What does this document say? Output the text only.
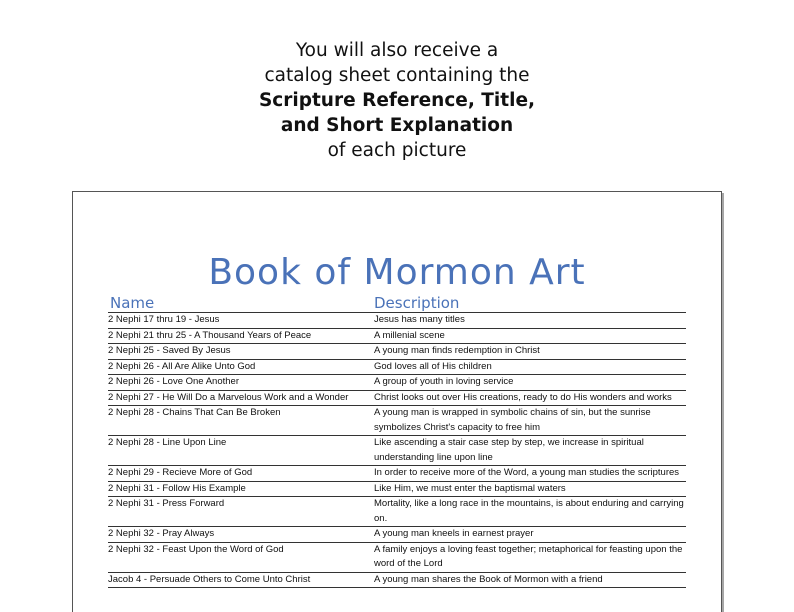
You will also receive a
catalog sheet containing the
Scripture Reference, Title,
and Short Explanation
of each picture
Book of Mormon Art
Name	Description
2 Nephi 17 thru 19 - Jesus	Jesus has many titles
2 Nephi 21 thru 25 - A Thousand Years of Peace	A millenial scene
2 Nephi 25 - Saved By Jesus	A young man finds redemption in Christ
2 Nephi 26 - All Are Alike Unto God	God loves all of His children
2 Nephi 26 - Love One Another	A group of youth in loving service
2 Nephi 27 - He Will Do a Marvelous Work and a Wonder	Christ looks out over His creations, ready to do His wonders and works
2 Nephi 28 - Chains That Can Be Broken	A young man is wrapped in symbolic chains of sin, but the sunrise symbolizes Christ's capacity to free him
2 Nephi 28 - Line Upon Line	Like ascending a stair case step by step, we increase in spiritual understanding line upon line
2 Nephi 29 - Recieve More of God	In order to receive more of the Word, a young man studies the scriptures
2 Nephi 31 - Follow His Example	Like Him, we must enter the baptismal waters
2 Nephi 31 - Press Forward	Mortality, like a long race in the mountains, is about enduring and carrying on.
2 Nephi 32 - Pray Always	A young man kneels in earnest prayer
2 Nephi 32 - Feast Upon the Word of God	A family enjoys a loving feast together; metaphorical for feasting upon the word of the Lord
Jacob 4 - Persuade Others to Come Unto Christ	A young man shares the Book of Mormon with a friend
